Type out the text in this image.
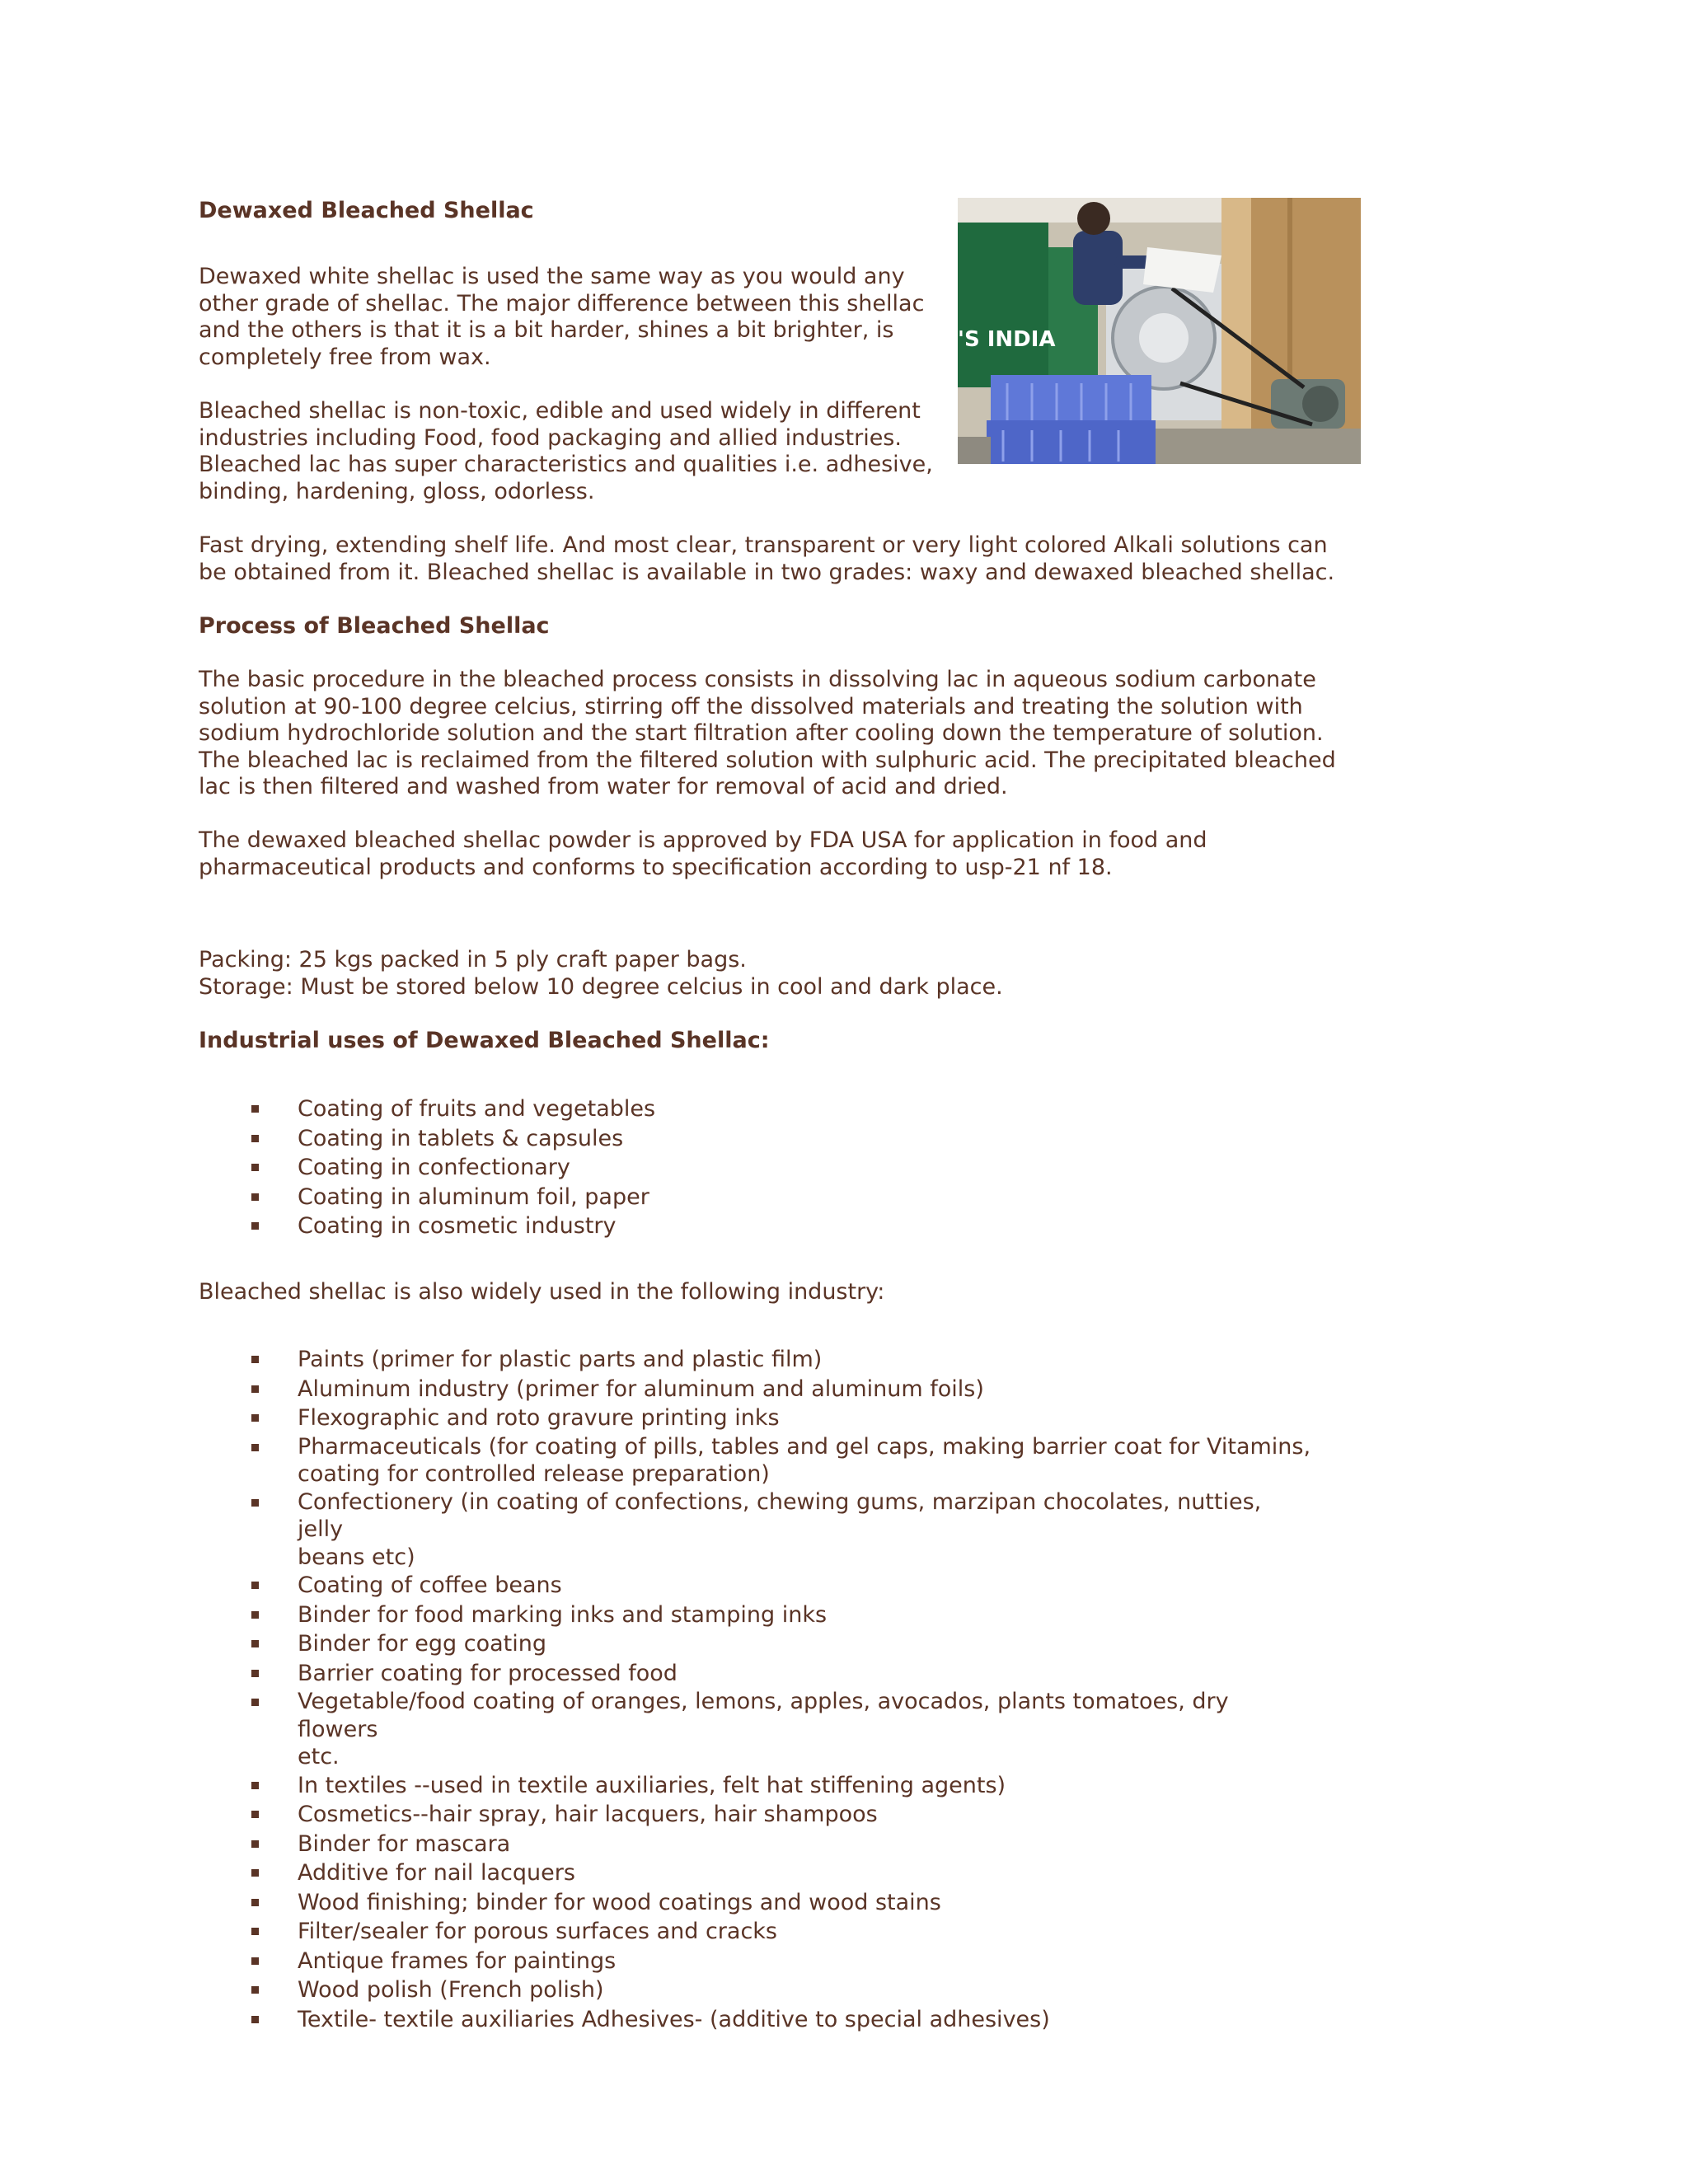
Dewaxed Bleached Shellac
Dewaxed white shellac is used the same way as you would any
other grade of shellac. The major difference between this shellac
and the others is that it is a bit harder, shines a bit brighter, is
completely free from wax.
Bleached shellac is non-toxic, edible and used widely in different
industries including Food, food packaging and allied industries.
Bleached lac has super characteristics and qualities i.e. adhesive,
binding, hardening, gloss, odorless.
'S INDIA
Fast drying, extending shelf life. And most clear, transparent or very light colored Alkali solutions can
be obtained from it. Bleached shellac is available in two grades: waxy and dewaxed bleached shellac.
Process of Bleached Shellac
The basic procedure in the bleached process consists in dissolving lac in aqueous sodium carbonate
solution at 90-100 degree celcius, stirring off the dissolved materials and treating the solution with
sodium hydrochloride solution and the start filtration after cooling down the temperature of solution.
The bleached lac is reclaimed from the filtered solution with sulphuric acid. The precipitated bleached
lac is then filtered and washed from water for removal of acid and dried.
The dewaxed bleached shellac powder is approved by FDA USA for application in food and
pharmaceutical products and conforms to specification according to usp-21 nf 18.
Packing: 25 kgs packed in 5 ply craft paper bags.
Storage: Must be stored below 10 degree celcius in cool and dark place.
Industrial uses of Dewaxed Bleached Shellac:
Coating of fruits and vegetables
Coating in tablets & capsules
Coating in confectionary
Coating in aluminum foil, paper
Coating in cosmetic industry
Bleached shellac is also widely used in the following industry:
Paints (primer for plastic parts and plastic film)
Aluminum industry (primer for aluminum and aluminum foils)
Flexographic and roto gravure printing inks
Pharmaceuticals (for coating of pills, tables and gel caps, making barrier coat for Vitamins,
coating for controlled release preparation)
Confectionery (in coating of confections, chewing gums, marzipan chocolates, nutties, jelly
beans etc)
Coating of coffee beans
Binder for food marking inks and stamping inks
Binder for egg coating
Barrier coating for processed food
Vegetable/food coating of oranges, lemons, apples, avocados, plants tomatoes, dry flowers
etc.
In textiles --used in textile auxiliaries, felt hat stiffening agents)
Cosmetics--hair spray, hair lacquers, hair shampoos
Binder for mascara
Additive for nail lacquers
Wood finishing; binder for wood coatings and wood stains
Filter/sealer for porous surfaces and cracks
Antique frames for paintings
Wood polish (French polish)
Textile- textile auxiliaries Adhesives- (additive to special adhesives)
